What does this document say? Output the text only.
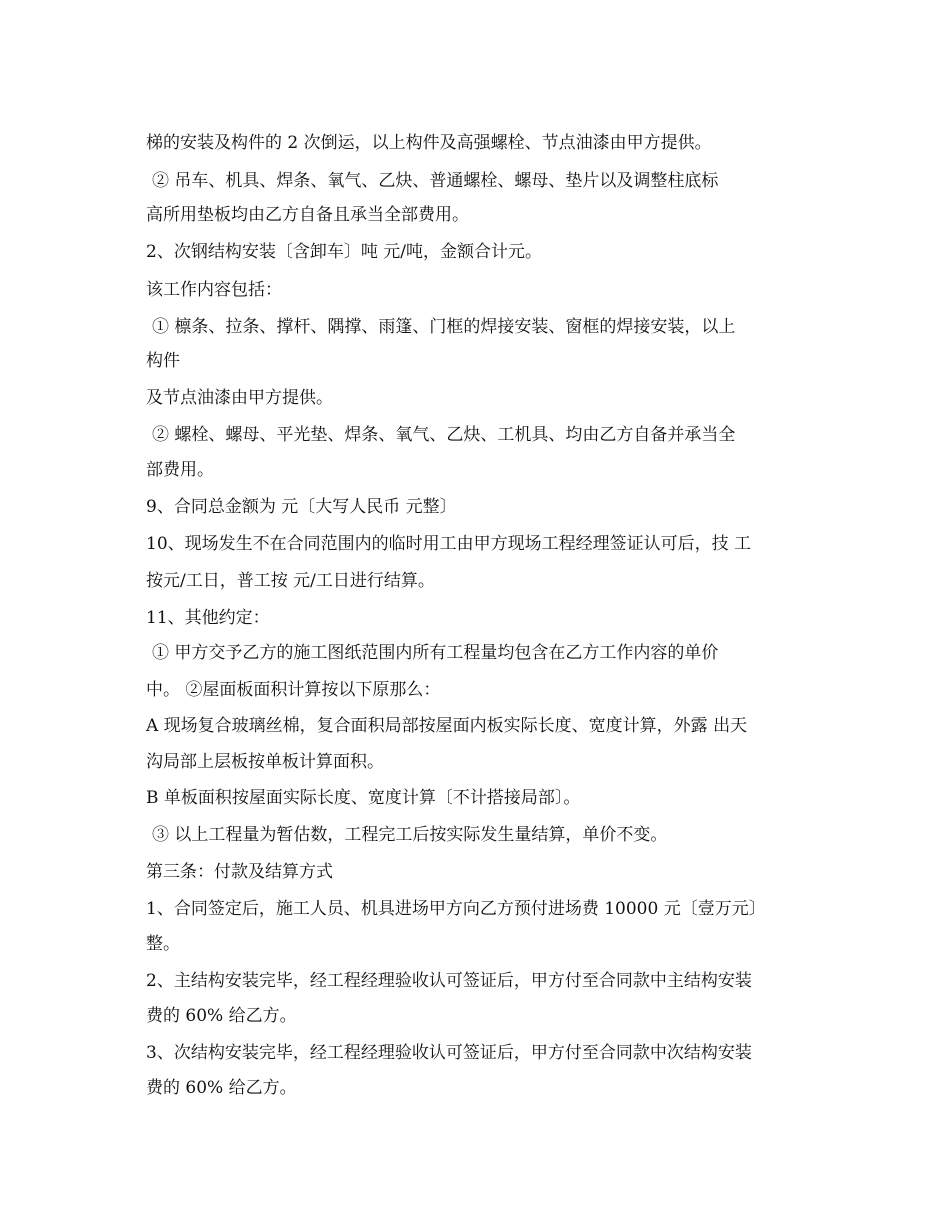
梯的安装及构件的 2 次倒运，以上构件及高强螺栓、节点油漆由甲方提供。
② 吊车、机具、焊条、氧气、乙炔、普通螺栓、螺母、垫片以及调整柱底标
高所用垫板均由乙方自备且承当全部费用。
2、次钢结构安装〔含卸车〕吨 元/吨，金额合计元。
该工作内容包括：
① 檩条、拉条、撑杆、隅撑、雨篷、门框的焊接安装、窗框的焊接安装，以上
构件
及节点油漆由甲方提供。
② 螺栓、螺母、平光垫、焊条、氧气、乙炔、工机具、均由乙方自备并承当全
部费用。
9、合同总金额为 元〔大写人民币 元整〕
10、现场发生不在合同范围内的临时用工由甲方现场工程经理签证认可后，技 工
按元/工日，普工按 元/工日进行结算。
11、其他约定：
① 甲方交予乙方的施工图纸范围内所有工程量均包含在乙方工作内容的单价
中。 ②屋面板面积计算按以下原那么：
A 现场复合玻璃丝棉，复合面积局部按屋面内板实际长度、宽度计算，外露 出天
沟局部上层板按单板计算面积。
B 单板面积按屋面实际长度、宽度计算〔不计搭接局部〕。
③ 以上工程量为暂估数，工程完工后按实际发生量结算，单价不变。
第三条：付款及结算方式
1、合同签定后，施工人员、机具进场甲方向乙方预付进场费 10000 元〔壹万元〕
整。
2、主结构安装完毕，经工程经理验收认可签证后，甲方付至合同款中主结构安装
费的 60% 给乙方。
3、次结构安装完毕，经工程经理验收认可签证后，甲方付至合同款中次结构安装
费的 60% 给乙方。
